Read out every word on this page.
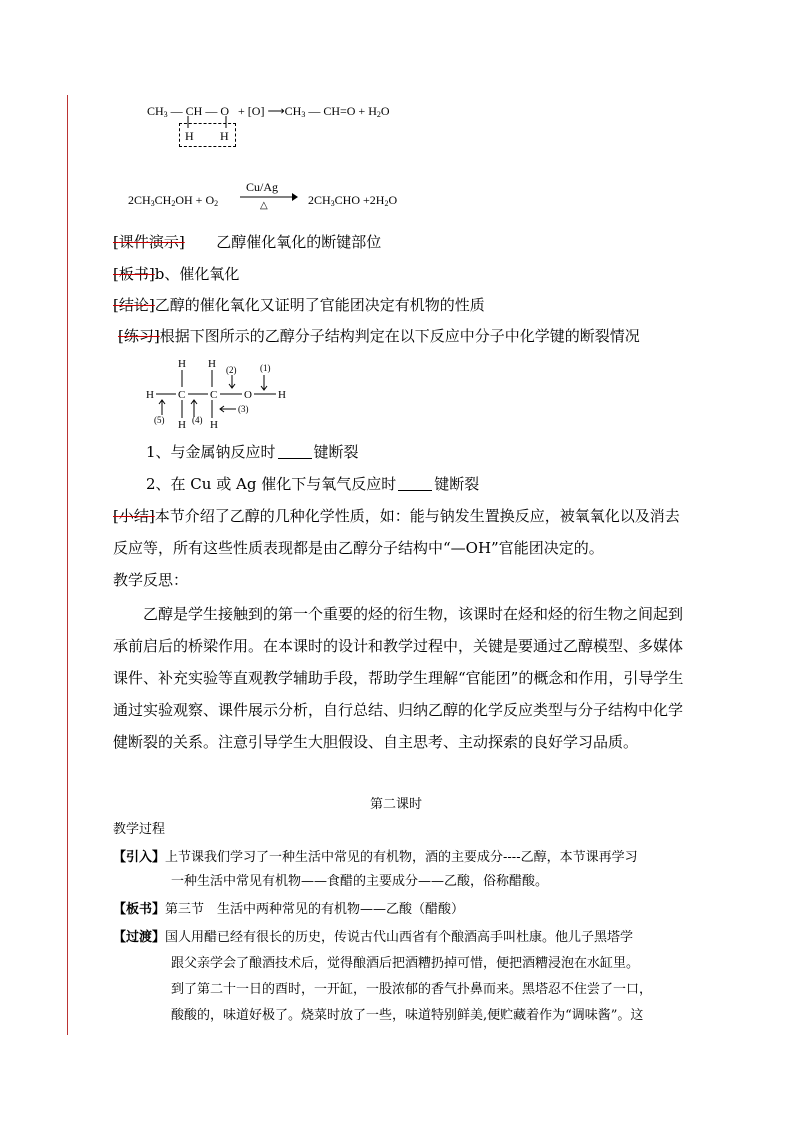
$CH_3$ — CH — O + [O] $⟶CH_3$ — $CH=O + H_2O$
H H
$2CH_3CH_2OH + O_2$
Cu/Ag
△	$2CH_3CHO +2H_2O$
[ 课件演示 ] 乙醇催化氧化的断键部位
[ 板书 ] b、催化氧化
[ 结论 ] 乙醇的催化氧化又证明了官能团决定有机物的性质
[ 练习 ] 根据下图所示的乙醇分子结构判定在以下反应中分子中化学键的断裂情况
H H
H C C O H
H H
(2)	(1)
(3)
(4)
(5)
1、与金属钠反应时	键断裂
2、在 Cu 或 Ag 催化下与氧气反应时	键断裂
[ 小结 ] 本节介绍了乙醇的几种化学性质，如：能与钠发生置换反应，被氧氧化以及消去反应等，所有这些性质表现都是由乙醇分子结构中“—OH”官能团决定的。
教学反思：
乙醇是学生接触到的第一个重要的烃的衍生物，该课时在烃和烃的衍生物之间起到承前启后的桥梁作用。在本课时的设计和教学过程中，关键是要通过乙醇模型、多媒体课件、补充实验等直观教学辅助手段，帮助学生理解“官能团”的概念和作用，引导学生通过实验观察、课件展示分析，自行总结、归纳乙醇的化学反应类型与分子结构中化学健断裂的关系。注意引导学生大胆假设、自主思考、主动探索的良好学习品质。
第二课时
教学过程
【引入】上节课我们学习了一种生活中常见的有机物，酒的主要成分----乙醇，本节课再学习
一种生活中常见有机物——食醋的主要成分——乙酸，俗称醋酸。
【板书】第三节　生活中两种常见的有机物——乙酸（醋酸）
【过渡】国人用醋已经有很长的历史，传说古代山西省有个酿酒高手叫杜康。他儿子黑塔学
跟父亲学会了酿酒技术后，觉得酿酒后把酒糟扔掉可惜，便把酒糟浸泡在水缸里。
到了第二十一日的酉时，一开缸，一股浓郁的香气扑鼻而来。黑塔忍不住尝了一口，
酸酸的，味道好极了。烧菜时放了一些，味道特别鲜美,便贮藏着作为“调味酱”。这
